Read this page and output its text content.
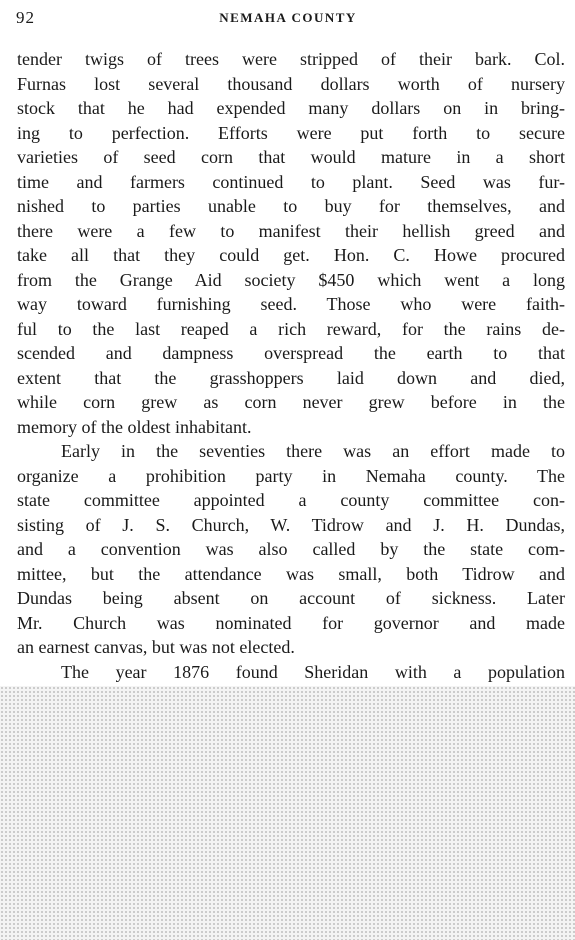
92	NEMAHA COUNTY
tender twigs of trees were stripped of their bark. Col.
Furnas lost several thousand dollars worth of nursery
stock that he had expended many dollars on in bring-
ing to perfection. Efforts were put forth to secure
varieties of seed corn that would mature in a short
time and farmers continued to plant. Seed was fur-
nished to parties unable to buy for themselves, and
there were a few to manifest their hellish greed and
take all that they could get. Hon. C. Howe procured
from the Grange Aid society $450 which went a long
way toward furnishing seed. Those who were faith-
ful to the last reaped a rich reward, for the rains de-
scended and dampness overspread the earth to that
extent that the grasshoppers laid down and died,
while corn grew as corn never grew before in the
memory of the oldest inhabitant.
Early in the seventies there was an effort made to
organize a prohibition party in Nemaha county. The
state committee appointed a county committee con-
sisting of J. S. Church, W. Tidrow and J. H. Dundas,
and a convention was also called by the state com-
mittee, but the attendance was small, both Tidrow and
Dundas being absent on account of sickness. Later
Mr. Church was nominated for governor and made
an earnest canvas, but was not elected.
The year 1876 found Sheridan with a population
